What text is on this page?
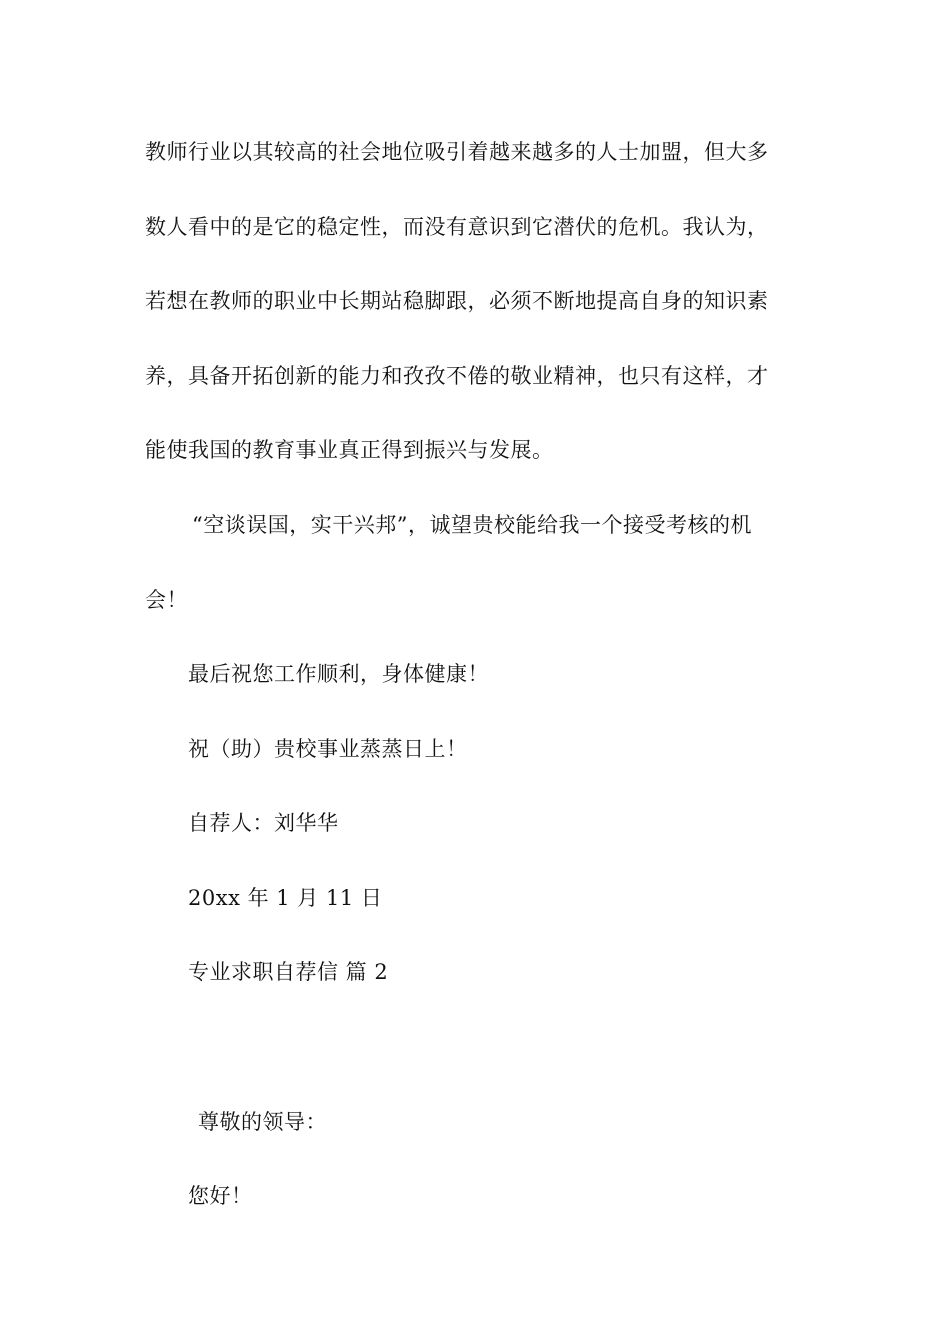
教师行业以其较高的社会地位吸引着越来越多的人士加盟，但大多
数人看中的是它的稳定性，而没有意识到它潜伏的危机。我认为，
若想在教师的职业中长期站稳脚跟，必须不断地提高自身的知识素
养，具备开拓创新的能力和孜孜不倦的敬业精神，也只有这样，才
能使我国的教育事业真正得到振兴与发展。
“空谈误国，实干兴邦”，诚望贵校能给我一个接受考核的机
会！
最后祝您工作顺利，身体健康！
祝（助）贵校事业蒸蒸日上！
自荐人：刘华华
20xx 年 1 月 11 日
专业求职自荐信 篇 2
尊敬的领导：
您好！
